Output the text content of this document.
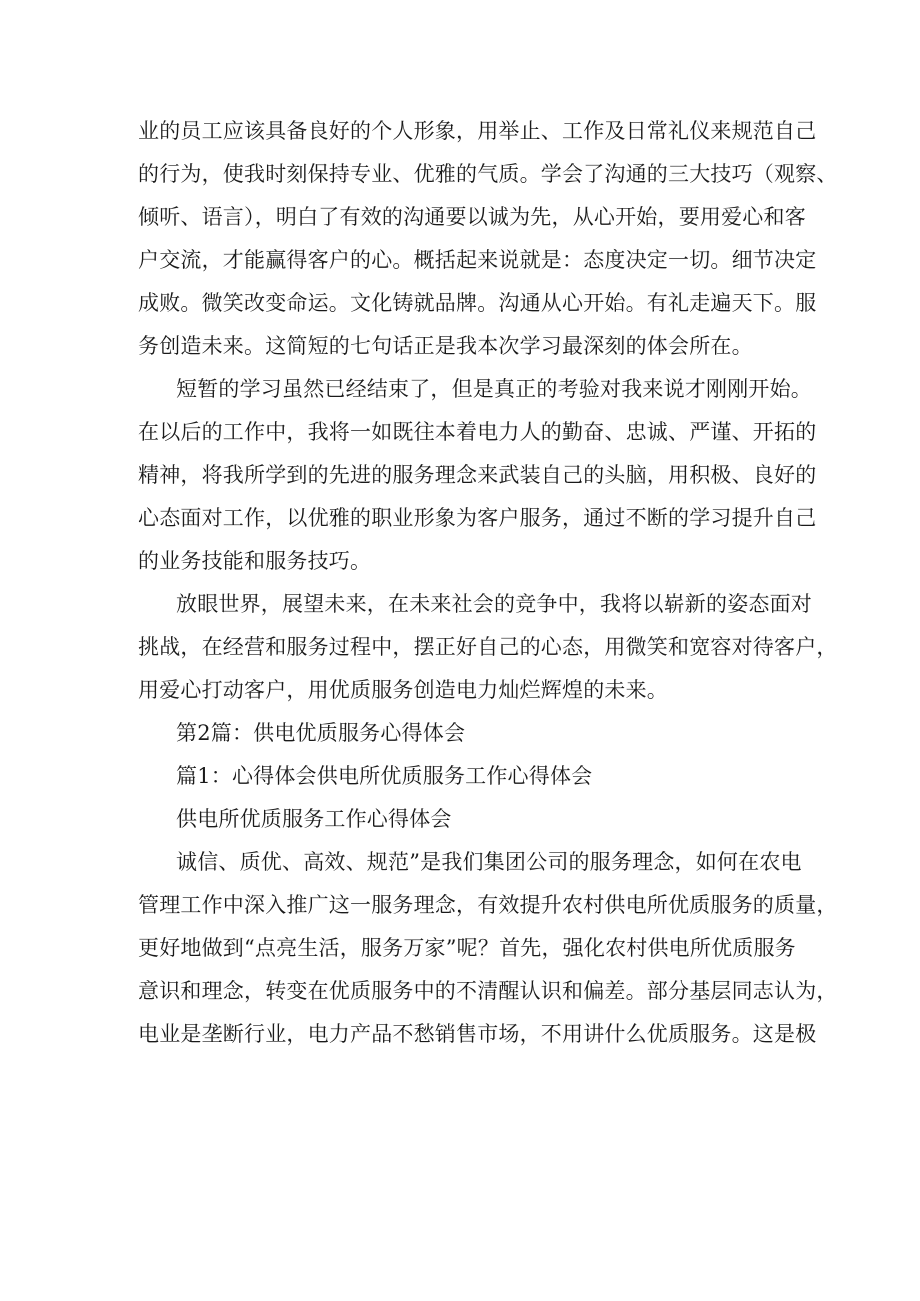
业的员工应该具备良好的个人形象，用举止、工作及日常礼仪来规范自己
的行为，使我时刻保持专业、优雅的气质。学会了沟通的三大技巧（观察、
倾听、语言），明白了有效的沟通要以诚为先，从心开始，要用爱心和客
户交流，才能赢得客户的心。概括起来说就是：态度决定一切。细节决定
成败。微笑改变命运。文化铸就品牌。沟通从心开始。有礼走遍天下。服
务创造未来。这简短的七句话正是我本次学习最深刻的体会所在。
短暂的学习虽然已经结束了，但是真正的考验对我来说才刚刚开始。
在以后的工作中，我将一如既往本着电力人的勤奋、忠诚、严谨、开拓的
精神，将我所学到的先进的服务理念来武装自己的头脑，用积极、良好的
心态面对工作，以优雅的职业形象为客户服务，通过不断的学习提升自己
的业务技能和服务技巧。
放眼世界，展望未来，在未来社会的竞争中，我将以崭新的姿态面对
挑战，在经营和服务过程中，摆正好自己的心态，用微笑和宽容对待客户，
用爱心打动客户，用优质服务创造电力灿烂辉煌的未来。
第2篇：供电优质服务心得体会
篇1：心得体会供电所优质服务工作心得体会
供电所优质服务工作心得体会
诚信、质优、高效、规范”是我们集团公司的服务理念，如何在农电
管理工作中深入推广这一服务理念，有效提升农村供电所优质服务的质量，
更好地做到“点亮生活，服务万家”呢？首先，强化农村供电所优质服务
意识和理念，转变在优质服务中的不清醒认识和偏差。部分基层同志认为，
电业是垄断行业，电力产品不愁销售市场，不用讲什么优质服务。这是极
